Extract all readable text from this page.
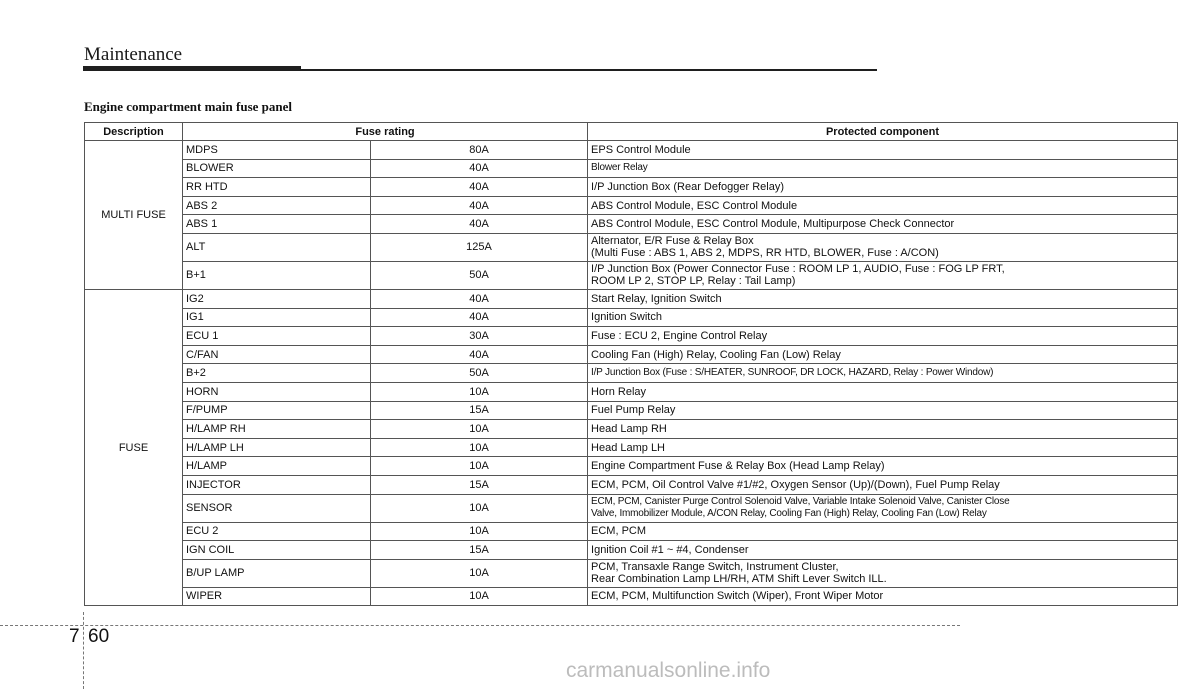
Maintenance
Engine compartment main fuse panel
Description	Fuse rating		Protected component
MULTI FUSE	MDPS	80A	EPS Control Module

	BLOWER	40A	Blower Relay

	RR HTD	40A	I/P Junction Box (Rear Defogger Relay)

	ABS 2	40A	ABS Control Module, ESC Control Module

	ABS 1	40A	ABS Control Module, ESC Control Module, Multipurpose Check Connector

	ALT	125A	Alternator, E/R Fuse & Relay Box
(Multi Fuse : ABS 1, ABS 2, MDPS, RR HTD, BLOWER, Fuse : A/CON)

	B+1	50A	I/P Junction Box (Power Connector Fuse : ROOM LP 1, AUDIO, Fuse : FOG LP FRT,
ROOM LP 2, STOP LP, Relay : Tail Lamp)

FUSE	IG2	40A	Start Relay, Ignition Switch

	IG1	40A	Ignition Switch

	ECU 1	30A	Fuse : ECU 2, Engine Control Relay

	C/FAN	40A	Cooling Fan (High) Relay, Cooling Fan (Low) Relay

	B+2	50A	I/P Junction Box (Fuse : S/HEATER, SUNROOF, DR LOCK, HAZARD, Relay : Power Window)

	HORN	10A	Horn Relay

	F/PUMP	15A	Fuel Pump Relay

	H/LAMP RH	10A	Head Lamp RH

	H/LAMP LH	10A	Head Lamp LH

	H/LAMP	10A	Engine Compartment Fuse & Relay Box (Head Lamp Relay)

	INJECTOR	15A	ECM, PCM, Oil Control Valve #1/#2, Oxygen Sensor (Up)/(Down), Fuel Pump Relay

	SENSOR	10A	ECM, PCM, Canister Purge Control Solenoid Valve, Variable Intake Solenoid Valve, Canister Close
Valve, Immobilizer Module, A/CON Relay, Cooling Fan (High) Relay, Cooling Fan (Low) Relay

	ECU 2	10A	ECM, PCM

	IGN COIL	15A	Ignition Coil #1 ~ #4, Condenser

	B/UP LAMP	10A	PCM, Transaxle Range Switch, Instrument Cluster,
Rear Combination Lamp LH/RH, ATM Shift Lever Switch ILL.

	WIPER	10A	ECM, PCM, Multifunction Switch (Wiper), Front Wiper Motor
7 60
carmanualsonline.info
